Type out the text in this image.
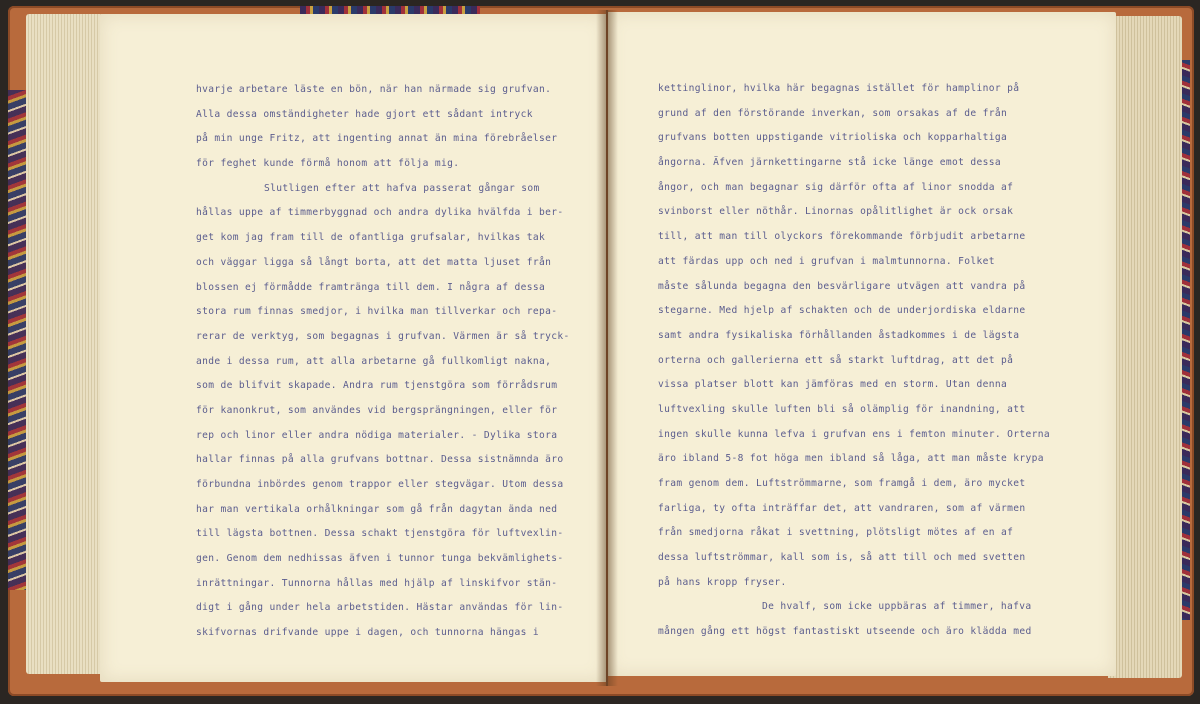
hvarje arbetare läste en bön, när han närmade sig grufvan.
Alla dessa omständigheter hade gjort ett sådant intryck
på min unge Fritz, att ingenting annat än mina förebråelser
för feghet kunde förmå honom att följa mig.
Slutligen efter att hafva passerat gångar som
hållas uppe af timmerbyggnad och andra dylika hvälfda i ber-
get kom jag fram till de ofantliga grufsalar, hvilkas tak
och väggar ligga så långt borta, att det matta ljuset från
blossen ej förmådde framtränga till dem. I några af dessa
stora rum finnas smedjor, i hvilka man tillverkar och repa-
rerar de verktyg, som begagnas i grufvan. Värmen är så tryck-
ande i dessa rum, att alla arbetarne gå fullkomligt nakna,
som de blifvit skapade. Andra rum tjenstgöra som förrådsrum
för kanonkrut, som användes vid bergsprängningen, eller för
rep och linor eller andra nödiga materialer. - Dylika stora
hallar finnas på alla grufvans bottnar. Dessa sistnämnda äro
förbundna inbördes genom trappor eller stegvägar. Utom dessa
har man vertikala orhålkningar som gå från dagytan ända ned
till lägsta bottnen. Dessa schakt tjenstgöra för luftvexlin-
gen. Genom dem nedhissas äfven i tunnor tunga bekvämlighets-
inrättningar. Tunnorna hållas med hjälp af linskifvor stän-
digt i gång under hela arbetstiden. Hästar användas för lin-
skifvornas drifvande uppe i dagen, och tunnorna hängas i
kettinglinor, hvilka här begagnas istället för hamplinor på
grund af den förstörande inverkan, som orsakas af de från
grufvans botten uppstigande vitrioliska och kopparhaltiga
ångorna. Äfven järnkettingarne stå icke länge emot dessa
ångor, och man begagnar sig därför ofta af linor snodda af
svinborst eller nöthår. Linornas opålitlighet är ock orsak
till, att man till olyckors förekommande förbjudit arbetarne
att färdas upp och ned i grufvan i malmtunnorna. Folket
måste sålunda begagna den besvärligare utvägen att vandra på
stegarne. Med hjelp af schakten och de underjordiska eldarne
samt andra fysikaliska förhållanden åstadkommes i de lägsta
orterna och gallerierna ett så starkt luftdrag, att det på
vissa platser blott kan jämföras med en storm. Utan denna
luftvexling skulle luften bli så olämplig för inandning, att
ingen skulle kunna lefva i grufvan ens i femton minuter. Orterna
äro ibland 5-8 fot höga men ibland så låga, att man måste krypa
fram genom dem. Luftströmmarne, som framgå i dem, äro mycket
farliga, ty ofta inträffar det, att vandraren, som af värmen
från smedjorna råkat i svettning, plötsligt mötes af en af
dessa luftströmmar, kall som is, så att till och med svetten
på hans kropp fryser.
De hvalf, som icke uppbäras af timmer, hafva
mången gång ett högst fantastiskt utseende och äro klädda med
